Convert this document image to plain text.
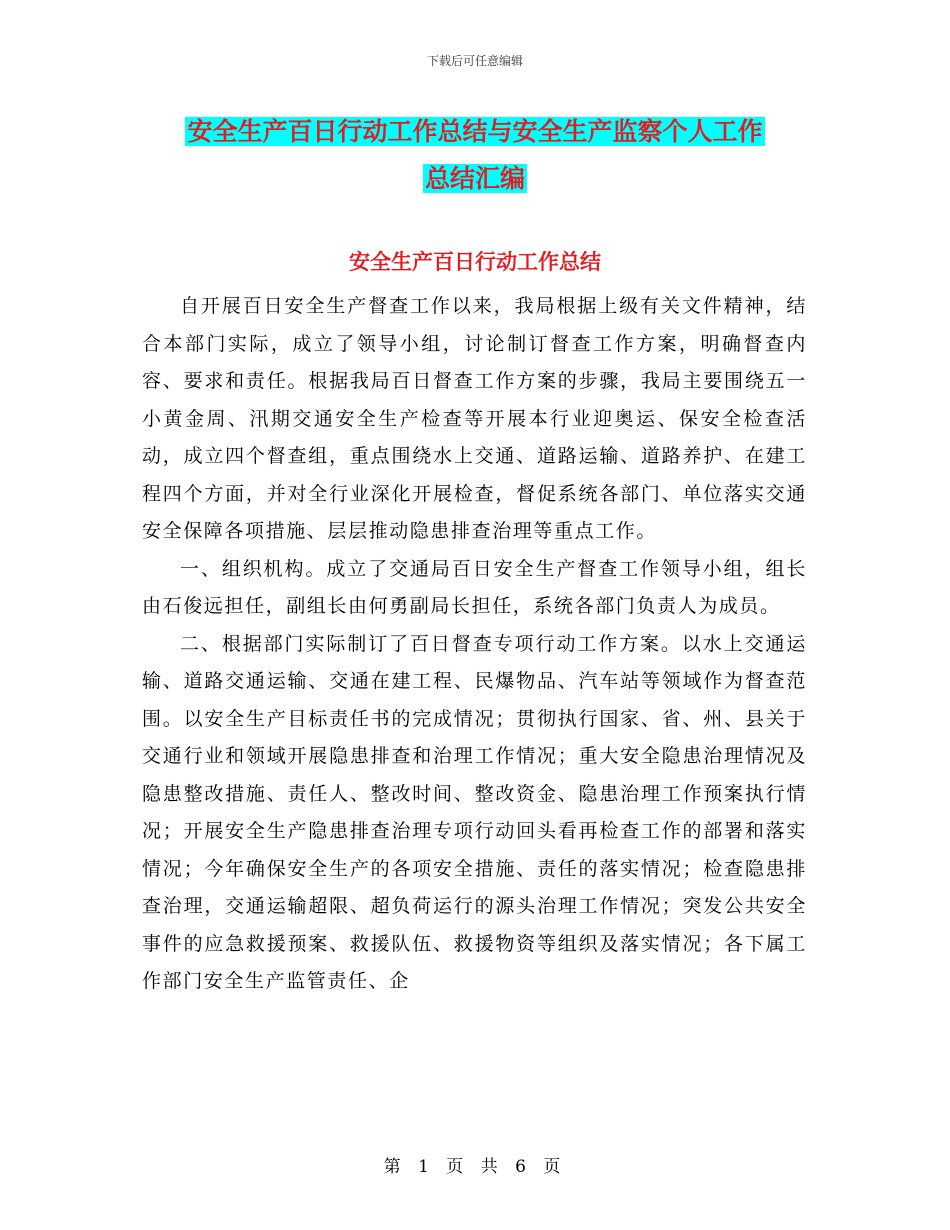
下载后可任意编辑
安全生产百日行动工作总结与安全生产监察个人工作
总结汇编
安全生产百日行动工作总结

自开展百日安全生产督查工作以来，我局根据上级有关文件精神，结合本部门实际，成立了领导小组，讨论制订督查工作方案，明确督查内容、要求和责任。根据我局百日督查工作方案的步骤，我局主要围绕五一小黄金周、汛期交通安全生产检查等开展本行业迎奥运、保安全检查活动，成立四个督查组，重点围绕水上交通、道路运输、道路养护、在建工程四个方面，并对全行业深化开展检查，督促系统各部门、单位落实交通安全保障各项措施、层层推动隐患排查治理等重点工作。

一、组织机构。成立了交通局百日安全生产督查工作领导小组，组长由石俊远担任，副组长由何勇副局长担任，系统各部门负责人为成员。

二、根据部门实际制订了百日督查专项行动工作方案。以水上交通运输、道路交通运输、交通在建工程、民爆物品、汽车站等领域作为督查范围。以安全生产目标责任书的完成情况；贯彻执行国家、省、州、县关于交通行业和领域开展隐患排查和治理工作情况；重大安全隐患治理情况及隐患整改措施、责任人、整改时间、整改资金、隐患治理工作预案执行情况；开展安全生产隐患排查治理专项行动回头看再检查工作的部署和落实情况；今年确保安全生产的各项安全措施、责任的落实情况；检查隐患排查治理，交通运输超限、超负荷运行的源头治理工作情况；突发公共安全事件的应急救援预案、救援队伍、救援物资等组织及落实情况；各下属工作部门安全生产监管责任、企

第 1 页 共 6 页
